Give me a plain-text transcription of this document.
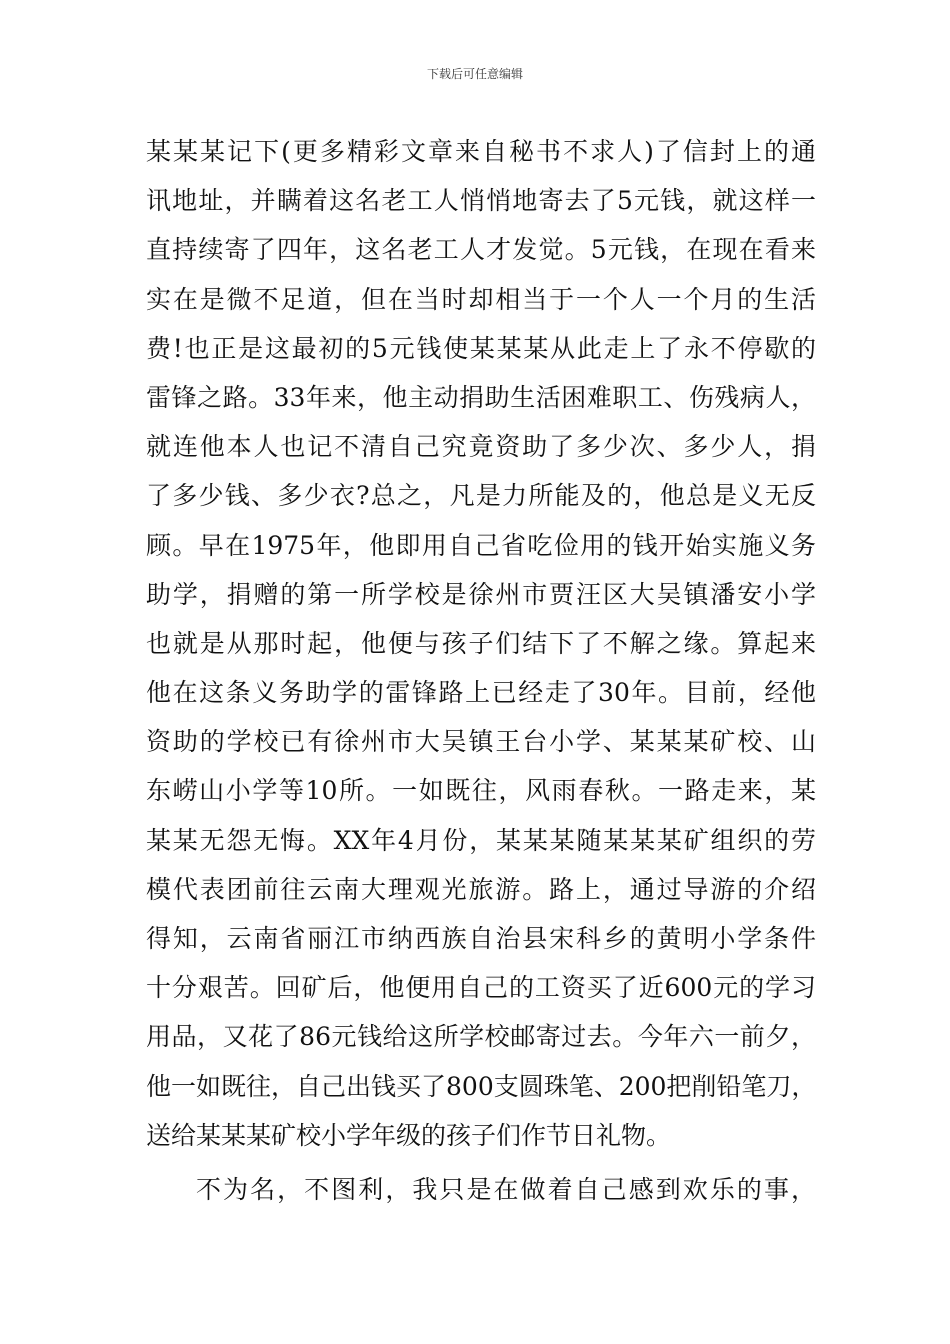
下载后可任意编辑
某某某记下(更多精彩文章来自秘书不求人)了信封上的通
讯地址，并瞒着这名老工人悄悄地寄去了5元钱，就这样一
直持续寄了四年，这名老工人才发觉。5元钱，在现在看来
实在是微不足道，但在当时却相当于一个人一个月的生活
费!也正是这最初的5元钱使某某某从此走上了永不停歇的
雷锋之路。33年来，他主动捐助生活困难职工、伤残病人，
就连他本人也记不清自己究竟资助了多少次、多少人，捐
了多少钱、多少衣?总之，凡是力所能及的，他总是义无反
顾。早在1975年，他即用自己省吃俭用的钱开始实施义务
助学，捐赠的第一所学校是徐州市贾汪区大吴镇潘安小学
也就是从那时起，他便与孩子们结下了不解之缘。算起来
他在这条义务助学的雷锋路上已经走了30年。目前，经他
资助的学校已有徐州市大吴镇王台小学、某某某矿校、山
东崂山小学等10所。一如既往，风雨春秋。一路走来，某
某某无怨无悔。XX年4月份，某某某随某某某矿组织的劳
模代表团前往云南大理观光旅游。路上，通过导游的介绍
得知，云南省丽江市纳西族自治县宋科乡的黄明小学条件
十分艰苦。回矿后，他便用自己的工资买了近600元的学习
用品，又花了86元钱给这所学校邮寄过去。今年六一前夕，
他一如既往，自己出钱买了800支圆珠笔、200把削铅笔刀，
送给某某某矿校小学年级的孩子们作节日礼物。
不为名，不图利，我只是在做着自己感到欢乐的事，
